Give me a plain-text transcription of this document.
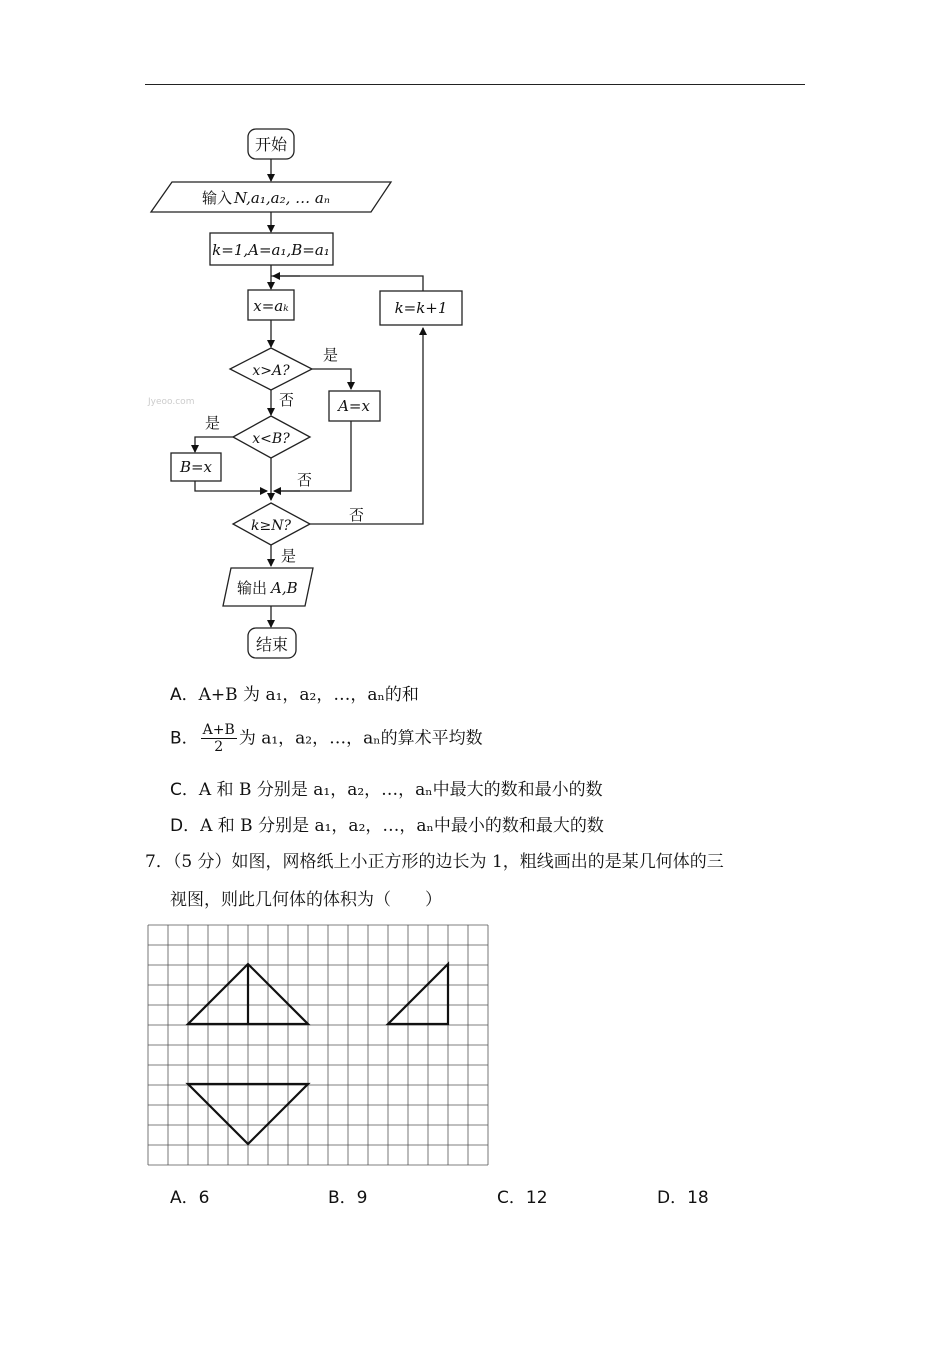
开始
输入 N,a₁,a₂, … aₙ
k=1,A=a₁,B=a₁
x=aₖ	k=k+1
x>A?
A=x
x<B?
B=x
k≥N?
输出 A,B
结束
是
否
是
否
否
是
Jyeoo.com
A．A+B 为 a₁，a₂，…，aₙ的和
B． $\frac{A+B}{2}$ 为 a₁，a₂，…，aₙ的算术平均数
C．A 和 B 分别是 a₁，a₂，…，aₙ中最大的数和最小的数
D．A 和 B 分别是 a₁，a₂，…，aₙ中最小的数和最大的数
7．（5 分）如图，网格纸上小正方形的边长为 1，粗线画出的是某几何体的三
视图，则此几何体的体积为（　　）
A．6	B．9	C．12	D．18
